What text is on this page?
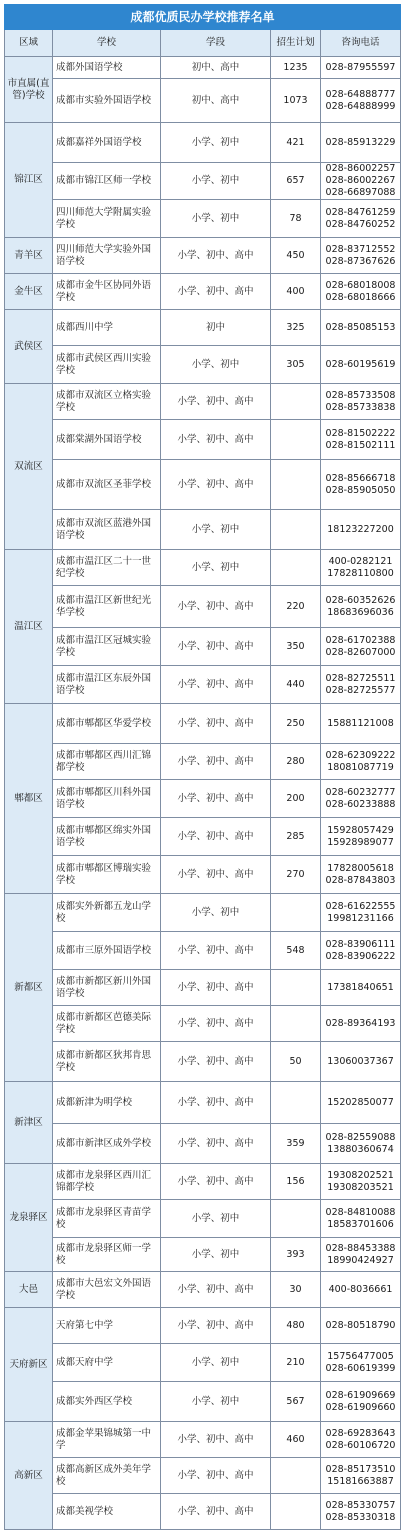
成都优质民办学校推荐名单				
区域	学校	学段	招生计划	咨询电话
市直属(直管)学校	成都外国语学校	初中、高中	1235	028-87955597

	成都市实验外国语学校	初中、高中	1073	028-64888777
028-64888999

锦江区	成都嘉祥外国语学校	小学、初中	421	028-85913229

	成都市锦江区师一学校	小学、初中	657	028-86002257
028-86002267
028-66897088

	四川师范大学附属实验学校	小学、初中	78	028-84761259
028-84760252

青羊区	四川师范大学实验外国语学校	小学、初中、高中	450	028-83712552
028-87367626

金牛区	成都市金牛区协同外语学校	小学、初中、高中	400	028-68018008
028-68018666

武侯区	成都西川中学	初中	325	028-85085153

	成都市武侯区西川实验学校	小学、初中	305	028-60195619

双流区	成都市双流区立格实验学校	小学、初中、高中		028-85733508
028-85733838

	成都棠湖外国语学校	小学、初中、高中		028-81502222
028-81502111

	成都市双流区圣菲学校	小学、初中、高中		028-85666718
028-85905050

	成都市双流区蓝港外国语学校	小学、初中		18123227200

温江区	成都市温江区二十一世纪学校	小学、初中		400-0282121
17828110800

	成都市温江区新世纪光华学校	小学、初中、高中	220	028-60352626
18683696036

	成都市温江区冠城实验学校	小学、初中、高中	350	028-61702388
028-82607000

	成都市温江区东辰外国语学校	小学、初中、高中	440	028-82725511
028-82725577

郫都区	成都市郫都区华爱学校	小学、初中、高中	250	15881121008

	成都市郫都区西川汇锦都学校	小学、初中、高中	280	028-62309222
18081087719

	成都市郫都区川科外国语学校	小学、初中、高中	200	028-60232777
028-60233888

	成都市郫都区绵实外国语学校	小学、初中、高中	285	15928057429
15928989077

	成都市郫都区博瑞实验学校	小学、初中、高中	270	17828005618
028-87843803

新都区	成都实外新都五龙山学校	小学、初中		028-61622555
19981231166

	成都市三原外国语学校	小学、初中、高中	548	028-83906111
028-83906222

	成都市新都区新川外国语学校	小学、初中、高中		17381840651

	成都市新都区芭德美际学校	小学、初中、高中		028-89364193

	成都市新都区狄邦肯思学校	小学、初中、高中	50	13060037367

新津区	成都新津为明学校	小学、初中、高中		15202850077

	成都市新津区成外学校	小学、初中、高中	359	028-82559088
13880360674

龙泉驿区	成都市龙泉驿区西川汇锦都学校	小学、初中、高中	156	19308202521
19308203521

	成都市龙泉驿区青苗学校	小学、初中		028-84810088
18583701606

	成都市龙泉驿区师一学校	小学、初中	393	028-88453388
18990424927

大邑	成都市大邑宏文外国语学校	小学、初中、高中	30	400-8036661

天府新区	天府第七中学	小学、初中、高中	480	028-80518790

	成都天府中学	小学、初中	210	15756477005
028-60619399

	成都实外西区学校	小学、初中	567	028-61909669
028-61909660

高新区	成都金苹果锦城第一中学	小学、初中、高中	460	028-69283643
028-60106720

	成都高新区成外美年学校	小学、初中、高中		028-85173510
15181663887

	成都美视学校	小学、初中、高中		028-85330757
028-85330318
